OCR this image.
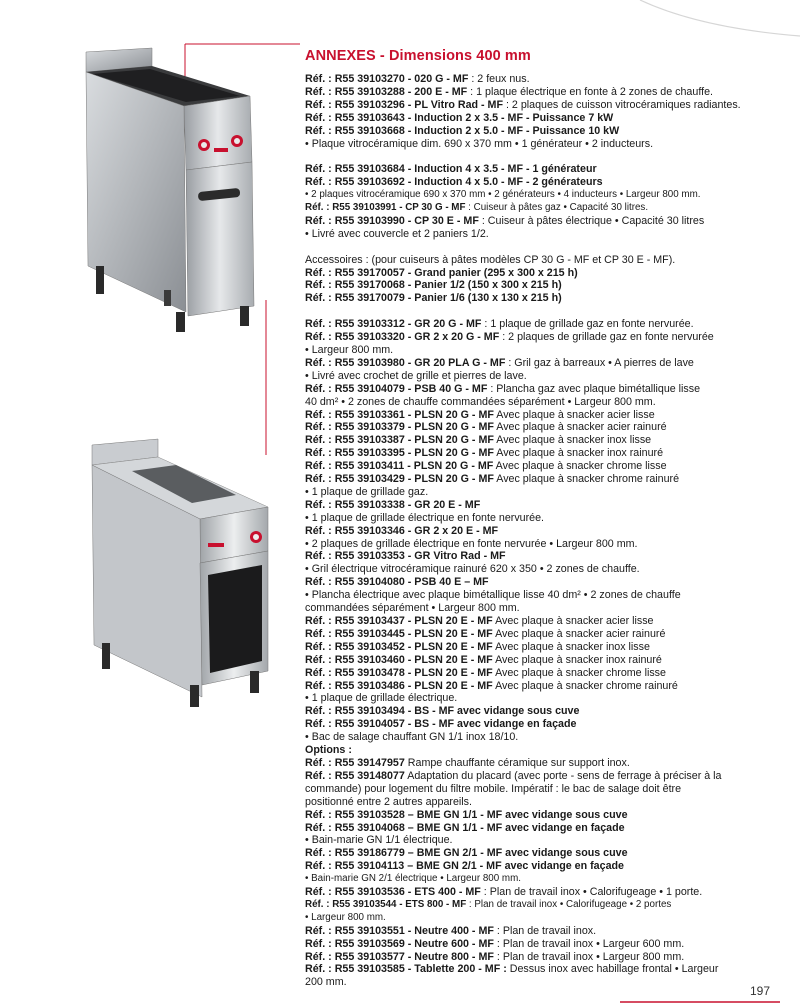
ANNEXES - Dimensions 400 mm
Réf. : R55 39103270 - 020 G - MF : 2 feux nus.
Réf. : R55 39103288 - 200 E - MF : 1 plaque électrique en fonte à 2 zones de chauffe.
Réf. : R55 39103296 - PL Vitro Rad - MF : 2 plaques de cuisson vitrocéramiques radiantes.
Réf. : R55 39103643 - Induction 2 x 3.5 - MF - Puissance 7 kW
Réf. : R55 39103668 - Induction 2 x 5.0 - MF - Puissance 10 kW
• Plaque vitrocéramique dim. 690 x 370 mm • 1 générateur • 2 inducteurs.
Réf. : R55 39103684 - Induction 4 x 3.5 - MF - 1 générateur
Réf. : R55 39103692 - Induction 4 x 5.0 - MF - 2 générateurs
• 2 plaques vitrocéramique 690 x 370 mm • 2 générateurs • 4 inducteurs • Largeur 800 mm.
Réf. : R55 39103991 - CP 30 G - MF : Cuiseur à pâtes gaz • Capacité 30 litres.
Réf. : R55 39103990 - CP 30 E - MF : Cuiseur à pâtes électrique • Capacité 30 litres
• Livré avec couvercle et 2 paniers 1/2.
Accessoires : (pour cuiseurs à pâtes modèles CP 30 G - MF et CP 30 E - MF).
Réf. : R55 39170057 - Grand panier (295 x 300 x 215 h)
Réf. : R55 39170068 - Panier 1/2 (150 x 300 x 215 h)
Réf. : R55 39170079 - Panier 1/6 (130 x 130 x 215 h)
Réf. : R55 39103312 - GR 20 G - MF : 1 plaque de grillade gaz en fonte nervurée.
Réf. : R55 39103320 - GR 2 x 20 G - MF : 2 plaques de grillade gaz en fonte nervurée
• Largeur 800 mm.
Réf. : R55 39103980 - GR 20 PLA G - MF : Gril gaz à barreaux • A pierres de lave
• Livré avec crochet de grille et pierres de lave.
Réf. : R55 39104079 - PSB 40 G - MF : Plancha gaz avec plaque bimétallique lisse
40 dm² • 2 zones de chauffe commandées séparément • Largeur 800 mm.
Réf. : R55 39103361 - PLSN 20 G - MF Avec plaque à snacker acier lisse
Réf. : R55 39103379 - PLSN 20 G - MF Avec plaque à snacker acier rainuré
Réf. : R55 39103387 - PLSN 20 G - MF Avec plaque à snacker inox lisse
Réf. : R55 39103395 - PLSN 20 G - MF Avec plaque à snacker inox rainuré
Réf. : R55 39103411 - PLSN 20 G - MF Avec plaque à snacker chrome lisse
Réf. : R55 39103429 - PLSN 20 G - MF Avec plaque à snacker chrome rainuré
• 1 plaque de grillade gaz.
Réf. : R55 39103338 - GR 20 E - MF
• 1 plaque de grillade électrique en fonte nervurée.
Réf. : R55 39103346 - GR 2 x 20 E - MF
• 2 plaques de grillade électrique en fonte nervurée • Largeur 800 mm.
Réf. : R55 39103353 - GR Vitro Rad - MF
• Gril électrique vitrocéramique rainuré 620 x 350 • 2 zones de chauffe.
Réf. : R55 39104080 - PSB 40 E – MF
• Plancha électrique avec plaque bimétallique lisse 40 dm² • 2 zones de chauffe
commandées séparément • Largeur 800 mm.
Réf. : R55 39103437 - PLSN 20 E - MF Avec plaque à snacker acier lisse
Réf. : R55 39103445 - PLSN 20 E - MF Avec plaque à snacker acier rainuré
Réf. : R55 39103452 - PLSN 20 E - MF Avec plaque à snacker inox lisse
Réf. : R55 39103460 - PLSN 20 E - MF Avec plaque à snacker inox rainuré
Réf. : R55 39103478 - PLSN 20 E - MF Avec plaque à snacker chrome lisse
Réf. : R55 39103486 - PLSN 20 E - MF Avec plaque à snacker chrome rainuré
• 1 plaque de grillade électrique.
Réf. : R55 39103494 - BS - MF avec vidange sous cuve
Réf. : R55 39104057 - BS - MF avec vidange en façade
• Bac de salage chauffant GN 1/1 inox 18/10.
Options :
Réf. : R55 39147957 Rampe chauffante céramique sur support inox.
Réf. : R55 39148077 Adaptation du placard (avec porte - sens de ferrage à préciser à la
commande) pour logement du filtre mobile. Impératif : le bac de salage doit être
positionné entre 2 autres appareils.
Réf. : R55 39103528 – BME GN 1/1 - MF avec vidange sous cuve
Réf. : R55 39104068 – BME GN 1/1 - MF avec vidange en façade
• Bain-marie GN 1/1 électrique.
Réf. : R55 39186779 – BME GN 2/1 - MF avec vidange sous cuve
Réf. : R55 39104113 – BME GN 2/1 - MF avec vidange en façade
• Bain-marie GN 2/1 électrique • Largeur 800 mm.
Réf. : R55 39103536 - ETS 400 - MF : Plan de travail inox • Calorifugeage • 1 porte.
Réf. : R55 39103544 - ETS 800 - MF : Plan de travail inox • Calorifugeage • 2 portes
• Largeur 800 mm.
Réf. : R55 39103551 - Neutre 400 - MF : Plan de travail inox.
Réf. : R55 39103569 - Neutre 600 - MF : Plan de travail inox • Largeur 600 mm.
Réf. : R55 39103577 - Neutre 800 - MF : Plan de travail inox • Largeur 800 mm.
Réf. : R55 39103585 - Tablette 200 - MF : Dessus inox avec habillage frontal • Largeur
200 mm.
197
